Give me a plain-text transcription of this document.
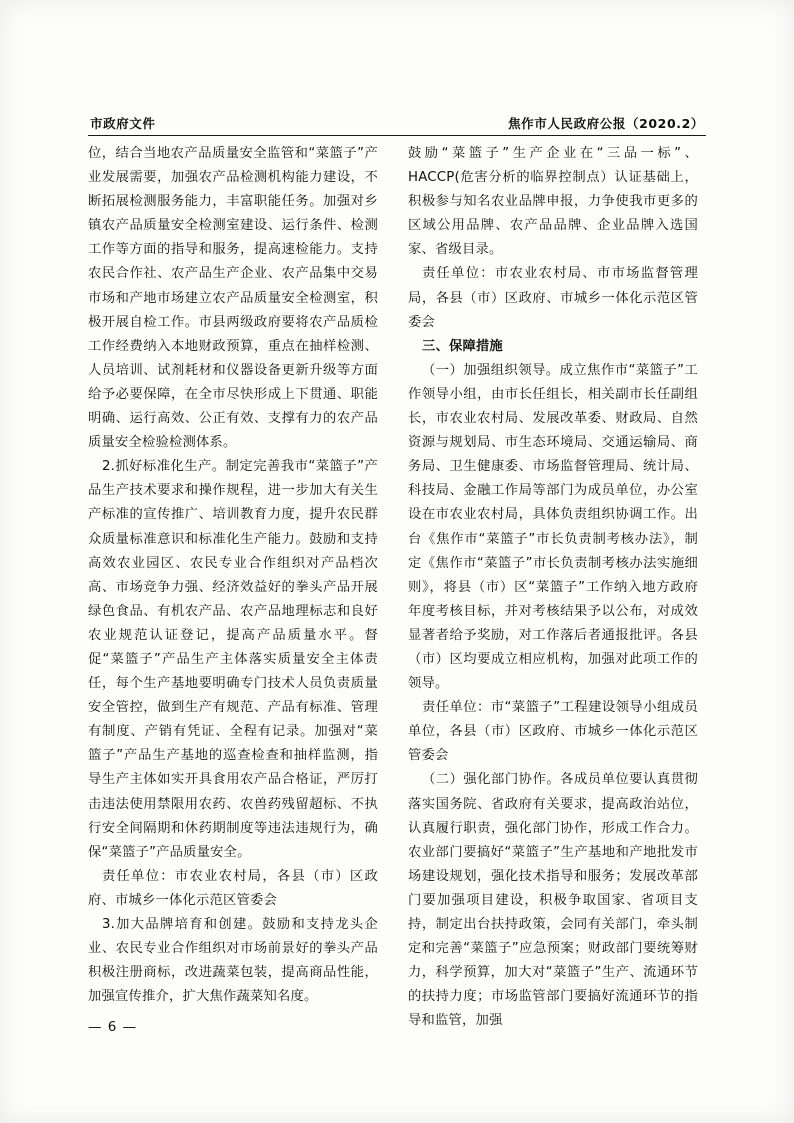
市政府文件	焦作市人民政府公报（2020.2）

位，结合当地农产品质量安全监管和“菜篮子”产业发展需要，加强农产品检测机构能力建设，不断拓展检测服务能力，丰富职能任务。加强对乡镇农产品质量安全检测室建设、运行条件、检测工作等方面的指导和服务，提高速检能力。支持农民合作社、农产品生产企业、农产品集中交易市场和产地市场建立农产品质量安全检测室，积极开展自检工作。市县两级政府要将农产品质检工作经费纳入本地财政预算，重点在抽样检测、人员培训、试剂耗材和仪器设备更新升级等方面给予必要保障，在全市尽快形成上下贯通、职能明确、运行高效、公正有效、支撑有力的农产品质量安全检验检测体系。

2.抓好标准化生产。制定完善我市“菜篮子”产品生产技术要求和操作规程，进一步加大有关生产标准的宣传推广、培训教育力度，提升农民群众质量标准意识和标准化生产能力。鼓励和支持高效农业园区、农民专业合作组织对产品档次高、市场竞争力强、经济效益好的拳头产品开展绿色食品、有机农产品、农产品地理标志和良好农业规范认证登记，提高产品质量水平。督促“菜篮子”产品生产主体落实质量安全主体责任，每个生产基地要明确专门技术人员负责质量安全管控，做到生产有规范、产品有标准、管理有制度、产销有凭证、全程有记录。加强对“菜篮子”产品生产基地的巡查检查和抽样监测，指导生产主体如实开具食用农产品合格证，严厉打击违法使用禁限用农药、农兽药残留超标、不执行安全间隔期和休药期制度等违法违规行为，确保“菜篮子”产品质量安全。

责任单位：市农业农村局，各县（市）区政府、市城乡一体化示范区管委会

3.加大品牌培育和创建。鼓励和支持龙头企业、农民专业合作组织对市场前景好的拳头产品积极注册商标，改进蔬菜包装，提高商品性能，加强宣传推介，扩大焦作蔬菜知名度。

鼓励“菜篮子”生产企业在“三品一标”、HACCP(危害分析的临界控制点）认证基础上，积极参与知名农业品牌申报，力争使我市更多的区域公用品牌、农产品品牌、企业品牌入选国家、省级目录。

责任单位：市农业农村局、市市场监督管理局，各县（市）区政府、市城乡一体化示范区管委会

三、保障措施

（一）加强组织领导。成立焦作市“菜篮子”工作领导小组，由市长任组长，相关副市长任副组长，市农业农村局、发展改革委、财政局、自然资源与规划局、市生态环境局、交通运输局、商务局、卫生健康委、市场监督管理局、统计局、科技局、金融工作局等部门为成员单位，办公室设在市农业农村局，具体负责组织协调工作。出台《焦作市“菜篮子”市长负责制考核办法》，制定《焦作市“菜篮子”市长负责制考核办法实施细则》，将县（市）区“菜篮子”工作纳入地方政府年度考核目标，并对考核结果予以公布，对成效显著者给予奖励，对工作落后者通报批评。各县（市）区均要成立相应机构，加强对此项工作的领导。

责任单位：市“菜篮子”工程建设领导小组成员单位，各县（市）区政府、市城乡一体化示范区管委会

（二）强化部门协作。各成员单位要认真贯彻落实国务院、省政府有关要求，提高政治站位，认真履行职责，强化部门协作，形成工作合力。农业部门要搞好“菜篮子”生产基地和产地批发市场建设规划，强化技术指导和服务；发展改革部门要加强项目建设，积极争取国家、省项目支持，制定出台扶持政策，会同有关部门，牵头制定和完善“菜篮子”应急预案；财政部门要统筹财力，科学预算，加大对“菜篮子”生产、流通环节的扶持力度；市场监管部门要搞好流通环节的指导和监管，加强

— 6 —
